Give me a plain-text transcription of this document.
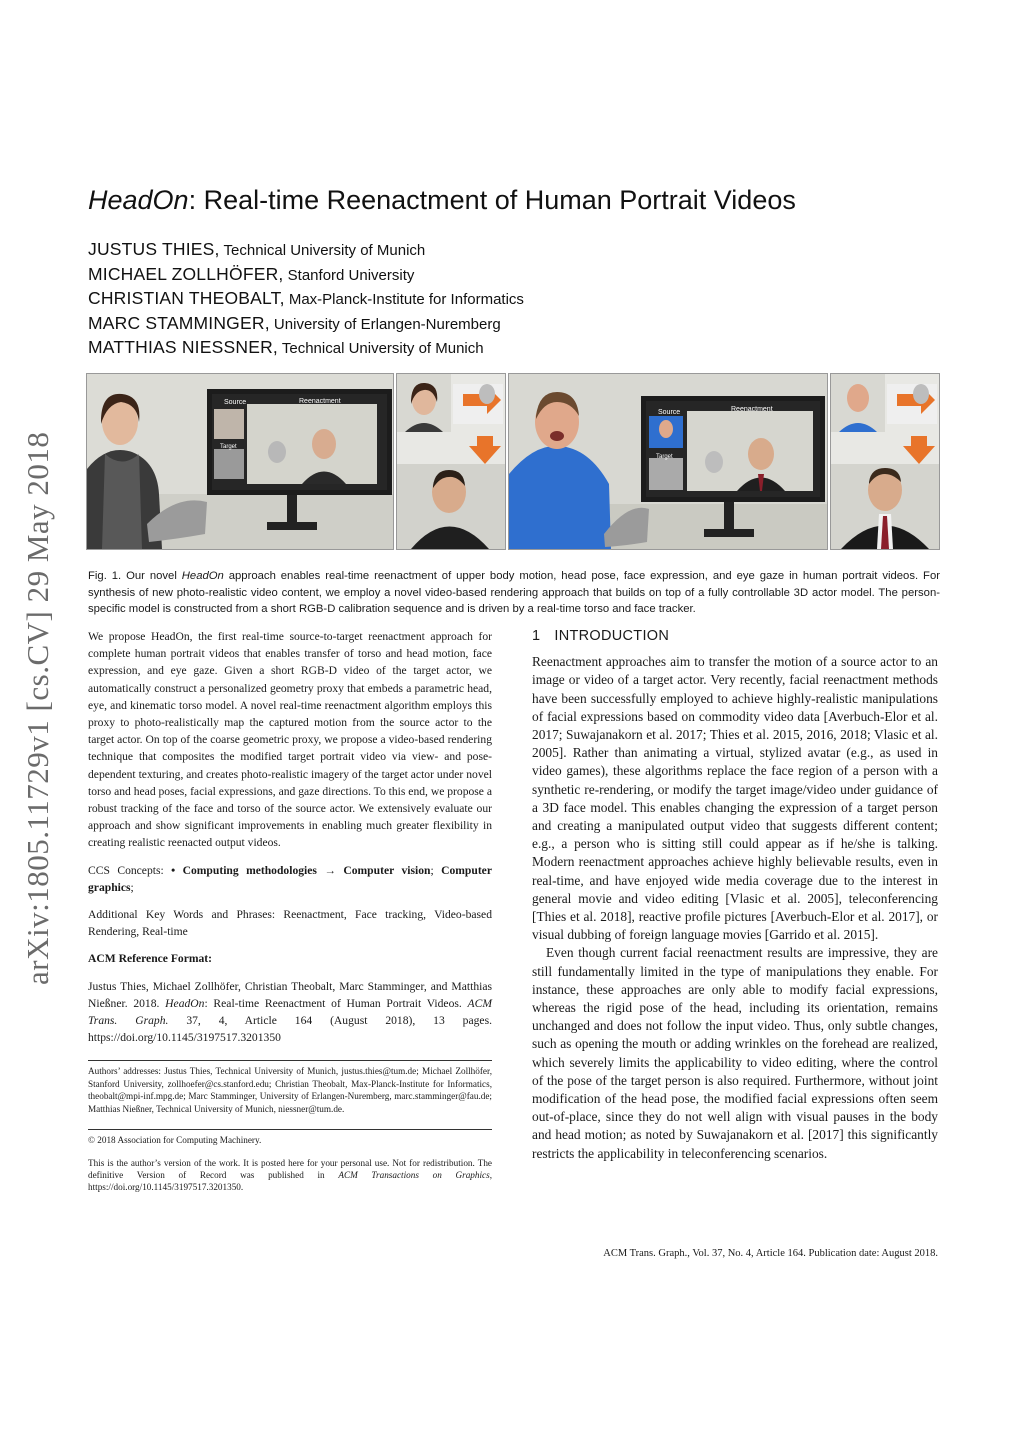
arXiv:1805.11729v1 [cs.CV] 29 May 2018
HeadOn: Real-time Reenactment of Human Portrait Videos
JUSTUS THIES, Technical University of Munich
MICHAEL ZOLLHÖFER, Stanford University
CHRISTIAN THEOBALT, Max-Planck-Institute for Informatics
MARC STAMMINGER, University of Erlangen-Nuremberg
MATTHIAS NIESSNER, Technical University of Munich
Source	Reenactment
Target
Source	Reenactment
Target
Fig. 1. Our novel HeadOn approach enables real-time reenactment of upper body motion, head pose, face expression, and eye gaze in human portrait videos. For synthesis of new photo-realistic video content, we employ a novel video-based rendering approach that builds on top of a fully controllable 3D actor model. The person-specific model is constructed from a short RGB-D calibration sequence and is driven by a real-time torso and face tracker.

We propose HeadOn, the first real-time source-to-target reenactment approach for complete human portrait videos that enables transfer of torso and head motion, face expression, and eye gaze. Given a short RGB-D video of the target actor, we automatically construct a personalized geometry proxy that embeds a parametric head, eye, and kinematic torso model. A novel real-time reenactment algorithm employs this proxy to photo-realistically map the captured motion from the source actor to the target actor. On top of the coarse geometric proxy, we propose a video-based rendering technique that composites the modified target portrait video via view- and pose-dependent texturing, and creates photo-realistic imagery of the target actor under novel torso and head poses, facial expressions, and gaze directions. To this end, we propose a robust tracking of the face and torso of the source actor. We extensively evaluate our approach and show significant improvements in enabling much greater flexibility in creating realistic reenacted output videos.

CCS Concepts: • Computing methodologies → Computer vision; Computer graphics;

Additional Key Words and Phrases: Reenactment, Face tracking, Video-based Rendering, Real-time

ACM Reference Format:

Justus Thies, Michael Zollhöfer, Christian Theobalt, Marc Stamminger, and Matthias Nießner. 2018. HeadOn: Real-time Reenactment of Human Portrait Videos. ACM Trans. Graph. 37, 4, Article 164 (August 2018), 13 pages. https://doi.org/10.1145/3197517.3201350

Authors’ addresses: Justus Thies, Technical University of Munich, justus.thies@tum.de; Michael Zollhöfer, Stanford University, zollhoefer@cs.stanford.edu; Christian Theobalt, Max-Planck-Institute for Informatics, theobalt@mpi-inf.mpg.de; Marc Stamminger, University of Erlangen-Nuremberg, marc.stamminger@fau.de; Matthias Nießner, Technical University of Munich, niessner@tum.de.

© 2018 Association for Computing Machinery.

This is the author’s version of the work. It is posted here for your personal use. Not for redistribution. The definitive Version of Record was published in ACM Transactions on Graphics, https://doi.org/10.1145/3197517.3201350.

1 INTRODUCTION

Reenactment approaches aim to transfer the motion of a source actor to an image or video of a target actor. Very recently, facial reenactment methods have been successfully employed to achieve highly-realistic manipulations of facial expressions based on commodity video data [Averbuch-Elor et al. 2017; Suwajanakorn et al. 2017; Thies et al. 2015, 2016, 2018; Vlasic et al. 2005]. Rather than animating a virtual, stylized avatar (e.g., as used in video games), these algorithms replace the face region of a person with a synthetic re-rendering, or modify the target image/video under guidance of a 3D face model. This enables changing the expression of a target person and creating a manipulated output video that suggests different content; e.g., a person who is sitting still could appear as if he/she is talking. Modern reenactment approaches achieve highly believable results, even in real-time, and have enjoyed wide media coverage due to the interest in general movie and video editing [Vlasic et al. 2005], teleconferencing [Thies et al. 2018], reactive profile pictures [Averbuch-Elor et al. 2017], or visual dubbing of foreign language movies [Garrido et al. 2015].

Even though current facial reenactment results are impressive, they are still fundamentally limited in the type of manipulations they enable. For instance, these approaches are only able to modify facial expressions, whereas the rigid pose of the head, including its orientation, remains unchanged and does not follow the input video. Thus, only subtle changes, such as opening the mouth or adding wrinkles on the forehead are realized, which severely limits the applicability to video editing, where the control of the pose of the target person is also required. Furthermore, without joint modification of the head pose, the modified facial expressions often seem out-of-place, since they do not well align with visual pauses in the body and head motion; as noted by Suwajanakorn et al. [2017] this significantly restricts the applicability in teleconferencing scenarios.

ACM Trans. Graph., Vol. 37, No. 4, Article 164. Publication date: August 2018.
